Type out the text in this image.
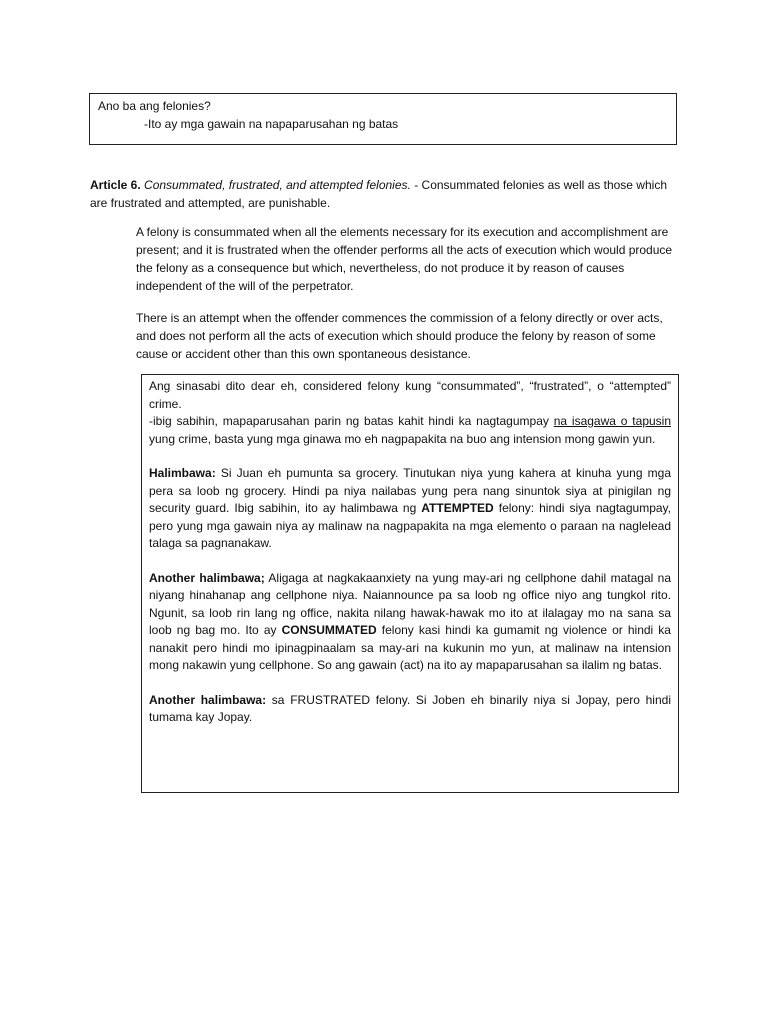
Ano ba ang felonies?
-Ito ay mga gawain na napaparusahan ng batas
Article 6. Consummated, frustrated, and attempted felonies. - Consummated felonies as well as those which are frustrated and attempted, are punishable.
A felony is consummated when all the elements necessary for its execution and accomplishment are present; and it is frustrated when the offender performs all the acts of execution which would produce the felony as a consequence but which, nevertheless, do not produce it by reason of causes independent of the will of the perpetrator.
There is an attempt when the offender commences the commission of a felony directly or over acts, and does not perform all the acts of execution which should produce the felony by reason of some cause or accident other than this own spontaneous desistance.

Ang sinasabi dito dear eh, considered felony kung “consummated”, “frustrated”, o “attempted” crime.

-ibig sabihin, mapaparusahan parin ng batas kahit hindi ka nagtagumpay na isagawa o tapusin yung crime, basta yung mga ginawa mo eh nagpapakita na buo ang intension mong gawin yun.

Halimbawa: Si Juan eh pumunta sa grocery. Tinutukan niya yung kahera at kinuha yung mga pera sa loob ng grocery. Hindi pa niya nailabas yung pera nang sinuntok siya at pinigilan ng security guard. Ibig sabihin, ito ay halimbawa ng ATTEMPTED felony: hindi siya nagtagumpay, pero yung mga gawain niya ay malinaw na nagpapakita na mga elemento o paraan na naglelead talaga sa pagnanakaw.

Another halimbawa; Aligaga at nagkakaanxiety na yung may-ari ng cellphone dahil matagal na niyang hinahanap ang cellphone niya. Naiannounce pa sa loob ng office niyo ang tungkol rito. Ngunit, sa loob rin lang ng office, nakita nilang hawak-hawak mo ito at ilalagay mo na sana sa loob ng bag mo. Ito ay CONSUMMATED felony kasi hindi ka gumamit ng violence or hindi ka nanakit pero hindi mo ipinagpinaalam sa may-ari na kukunin mo yun, at malinaw na intension mong nakawin yung cellphone. So ang gawain (act) na ito ay mapaparusahan sa ilalim ng batas.

Another halimbawa: sa FRUSTRATED felony. Si Joben eh binarily niya si Jopay, pero hindi tumama kay Jopay.
